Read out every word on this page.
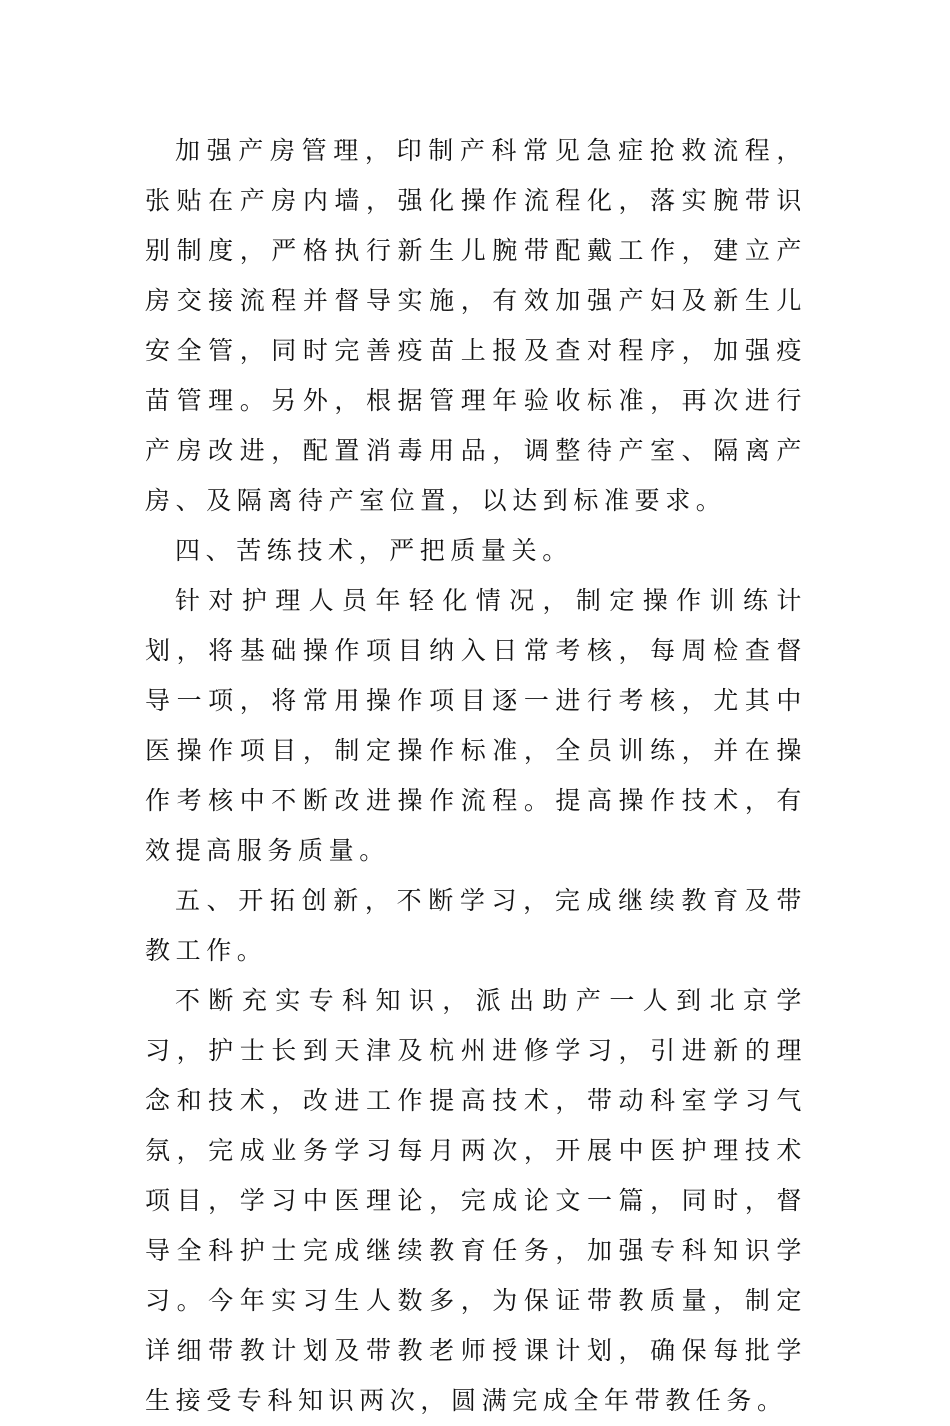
加强产房管理，印制产科常见急症抢救流程，张贴在产房内墙，强化操作流程化，落实腕带识别制度，严格执行新生儿腕带配戴工作，建立产房交接流程并督导实施，有效加强产妇及新生儿安全管，同时完善疫苗上报及查对程序，加强疫苗管理。另外，根据管理年验收标准，再次进行产房改进，配置消毒用品，调整待产室、隔离产房、及隔离待产室位置，以达到标准要求。

四、苦练技术，严把质量关。

针对护理人员年轻化情况，制定操作训练计划，将基础操作项目纳入日常考核，每周检查督导一项，将常用操作项目逐一进行考核，尤其中医操作项目，制定操作标准，全员训练，并在操作考核中不断改进操作流程。提高操作技术，有效提高服务质量。

五、开拓创新，不断学习，完成继续教育及带教工作。

不断充实专科知识，派出助产一人到北京学习，护士长到天津及杭州进修学习，引进新的理念和技术，改进工作提高技术，带动科室学习气氛，完成业务学习每月两次，开展中医护理技术项目，学习中医理论，完成论文一篇，同时，督导全科护士完成继续教育任务，加强专科知识学习。今年实习生人数多，为保证带教质量，制定详细带教计划及带教老师授课计划，确保每批学生接受专科知识两次，圆满完成全年带教任务。
